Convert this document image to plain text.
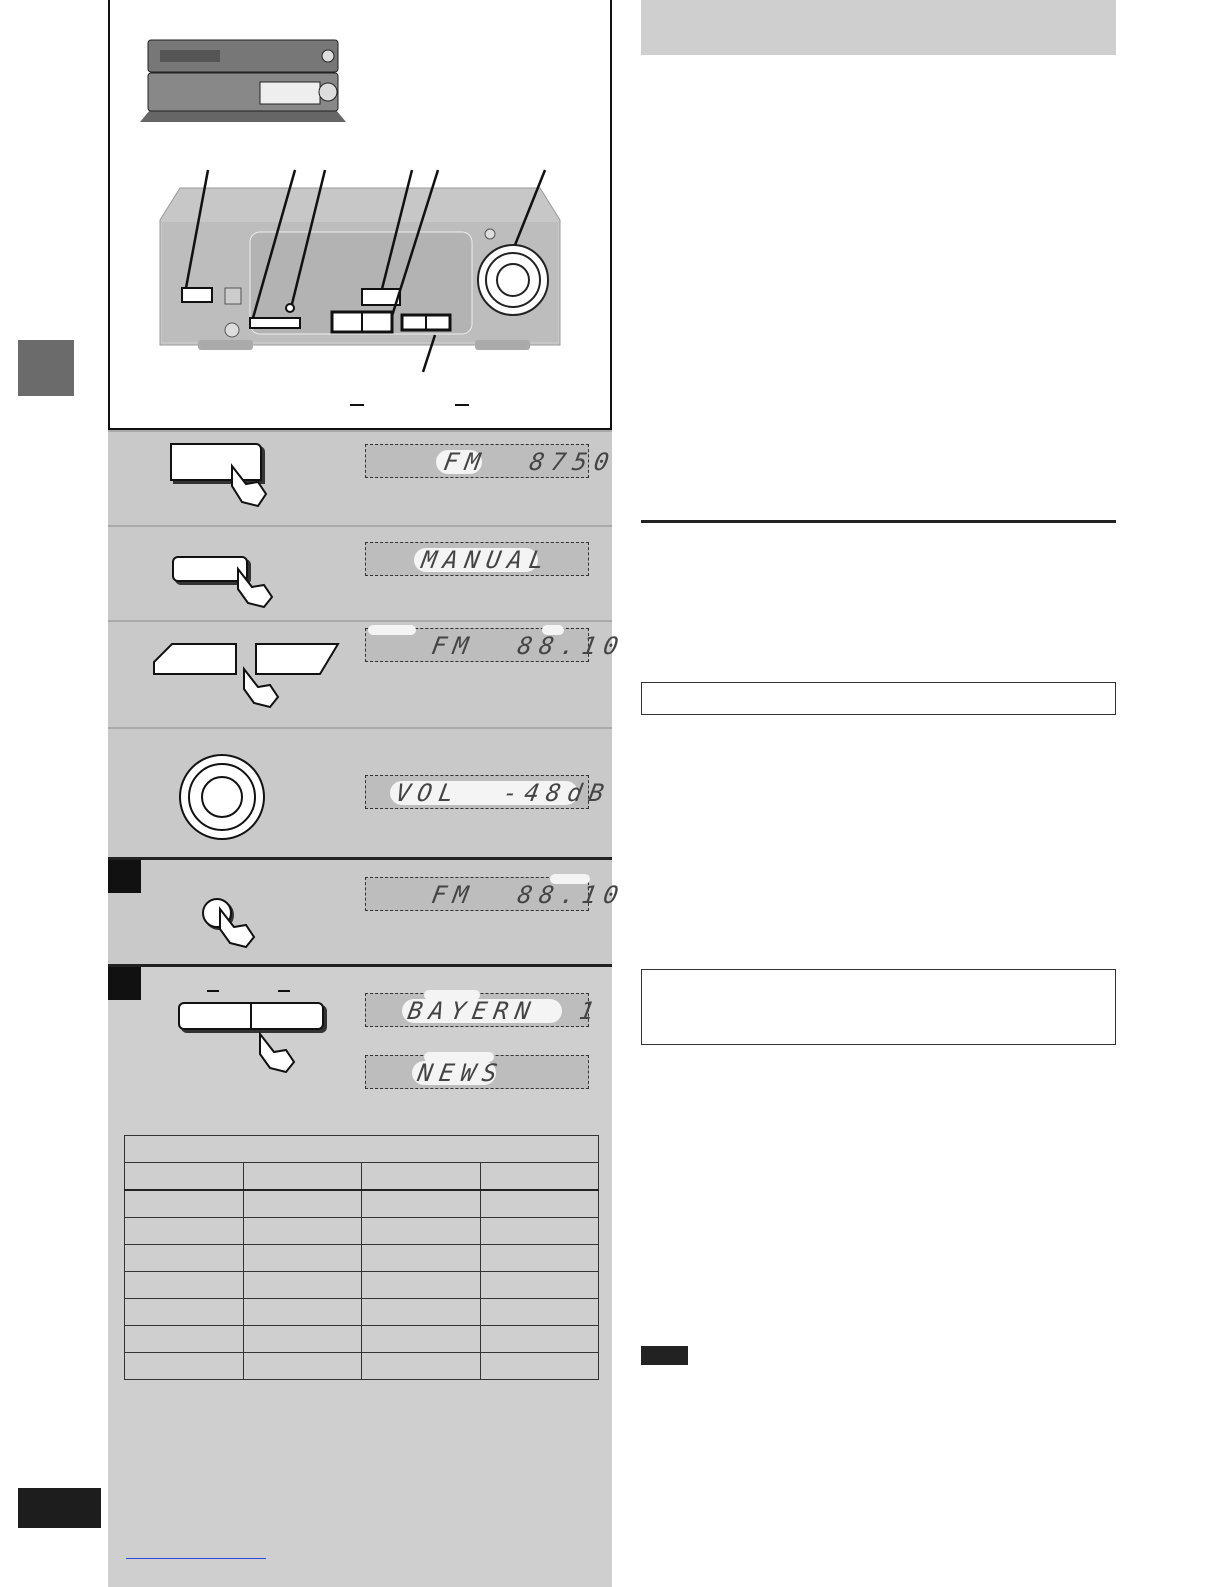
FM  8750
MANUAL
FM  88.10
VOL  -48dB
FM  88.10
BAYERN  1
NEWS
